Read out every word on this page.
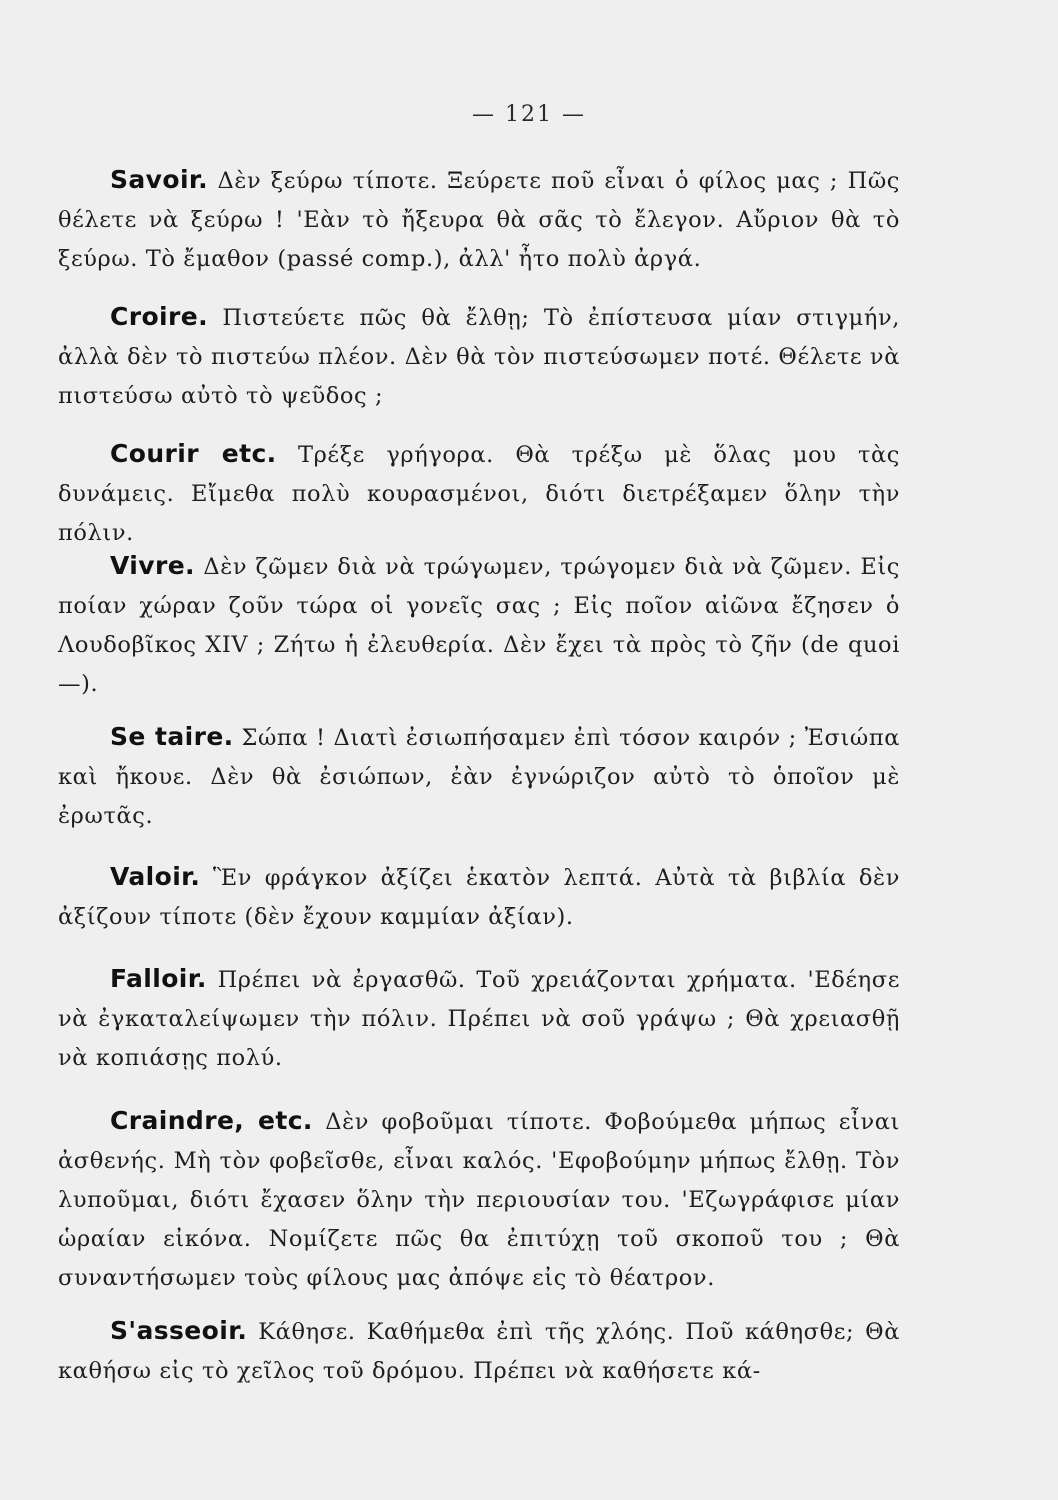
— 121 —

Savoir. Δὲν ξεύρω τίποτε. Ξεύρετε ποῦ εἶναι ὁ φίλος μας ; Πῶς θέλετε νὰ ξεύρω ! 'Εὰν τὸ ἤξευρα θὰ σᾶς τὸ ἔλεγον. Αὔριον θὰ τὸ ξεύρω. Τὸ ἔμαθον (passé comp.), ἀλλ' ἦτο πολὺ ἀργά.

Croire. Πιστεύετε πῶς θὰ ἔλθῃ; Τὸ ἐπίστευσα μίαν στιγμήν, ἀλλὰ δὲν τὸ πιστεύω πλέον. Δὲν θὰ τὸν πιστεύσωμεν ποτέ. Θέλετε νὰ πιστεύσω αὐτὸ τὸ ψεῦδος ;

Courir etc. Τρέξε γρήγορα. Θὰ τρέξω μὲ ὅλας μου τὰς δυνάμεις. Εἴμεθα πολὺ κουρασμένοι, διότι διετρέξαμεν ὅλην τὴν πόλιν.

Vivre. Δὲν ζῶμεν διὰ νὰ τρώγωμεν, τρώγομεν διὰ νὰ ζῶμεν. Εἰς ποίαν χώραν ζοῦν τώρα οἱ γονεῖς σας ; Εἰς ποῖον αἰῶνα ἔζησεν ὁ Λουδοβῖκος XIV ; Ζήτω ἡ ἐλευθερία. Δὲν ἔχει τὰ πρὸς τὸ ζῆν (de quoi—).

Se taire. Σώπα ! Διατὶ ἐσιωπήσαμεν ἐπὶ τόσον καιρόν ; Ἐσιώπα καὶ ἤκουε. Δὲν θὰ ἐσιώπων, ἐὰν ἐγνώριζον αὐτὸ τὸ ὁποῖον μὲ ἐρωτᾶς.

Valoir. Ἓν φράγκον ἀξίζει ἑκατὸν λεπτά. Αὐτὰ τὰ βιβλία δὲν ἀξίζουν τίποτε (δὲν ἔχουν καμμίαν ἀξίαν).

Falloir. Πρέπει νὰ ἐργασθῶ. Τοῦ χρειάζονται χρήματα. 'Εδέησε νὰ ἐγκαταλείψωμεν τὴν πόλιν. Πρέπει νὰ σοῦ γράψω ; Θὰ χρειασθῇ νὰ κοπιάσῃς πολύ.

Craindre, etc. Δὲν φοβοῦμαι τίποτε. Φοβούμεθα μήπως εἶναι ἀσθενής. Μὴ τὸν φοβεῖσθε, εἶναι καλός. 'Εφοβούμην μήπως ἔλθῃ. Τὸν λυποῦμαι, διότι ἔχασεν ὅλην τὴν περιουσίαν του. 'Εζωγράφισε μίαν ὡραίαν εἰκόνα. Νομίζετε πῶς θα ἐπιτύχῃ τοῦ σκοποῦ του ; Θὰ συναντήσωμεν τοὺς φίλους μας ἀπόψε εἰς τὸ θέατρον.

S'asseoir. Κάθησε. Καθήμεθα ἐπὶ τῆς χλόης. Ποῦ κάθησθε; Θὰ καθήσω εἰς τὸ χεῖλος τοῦ δρόμου. Πρέπει νὰ καθήσετε κά-
